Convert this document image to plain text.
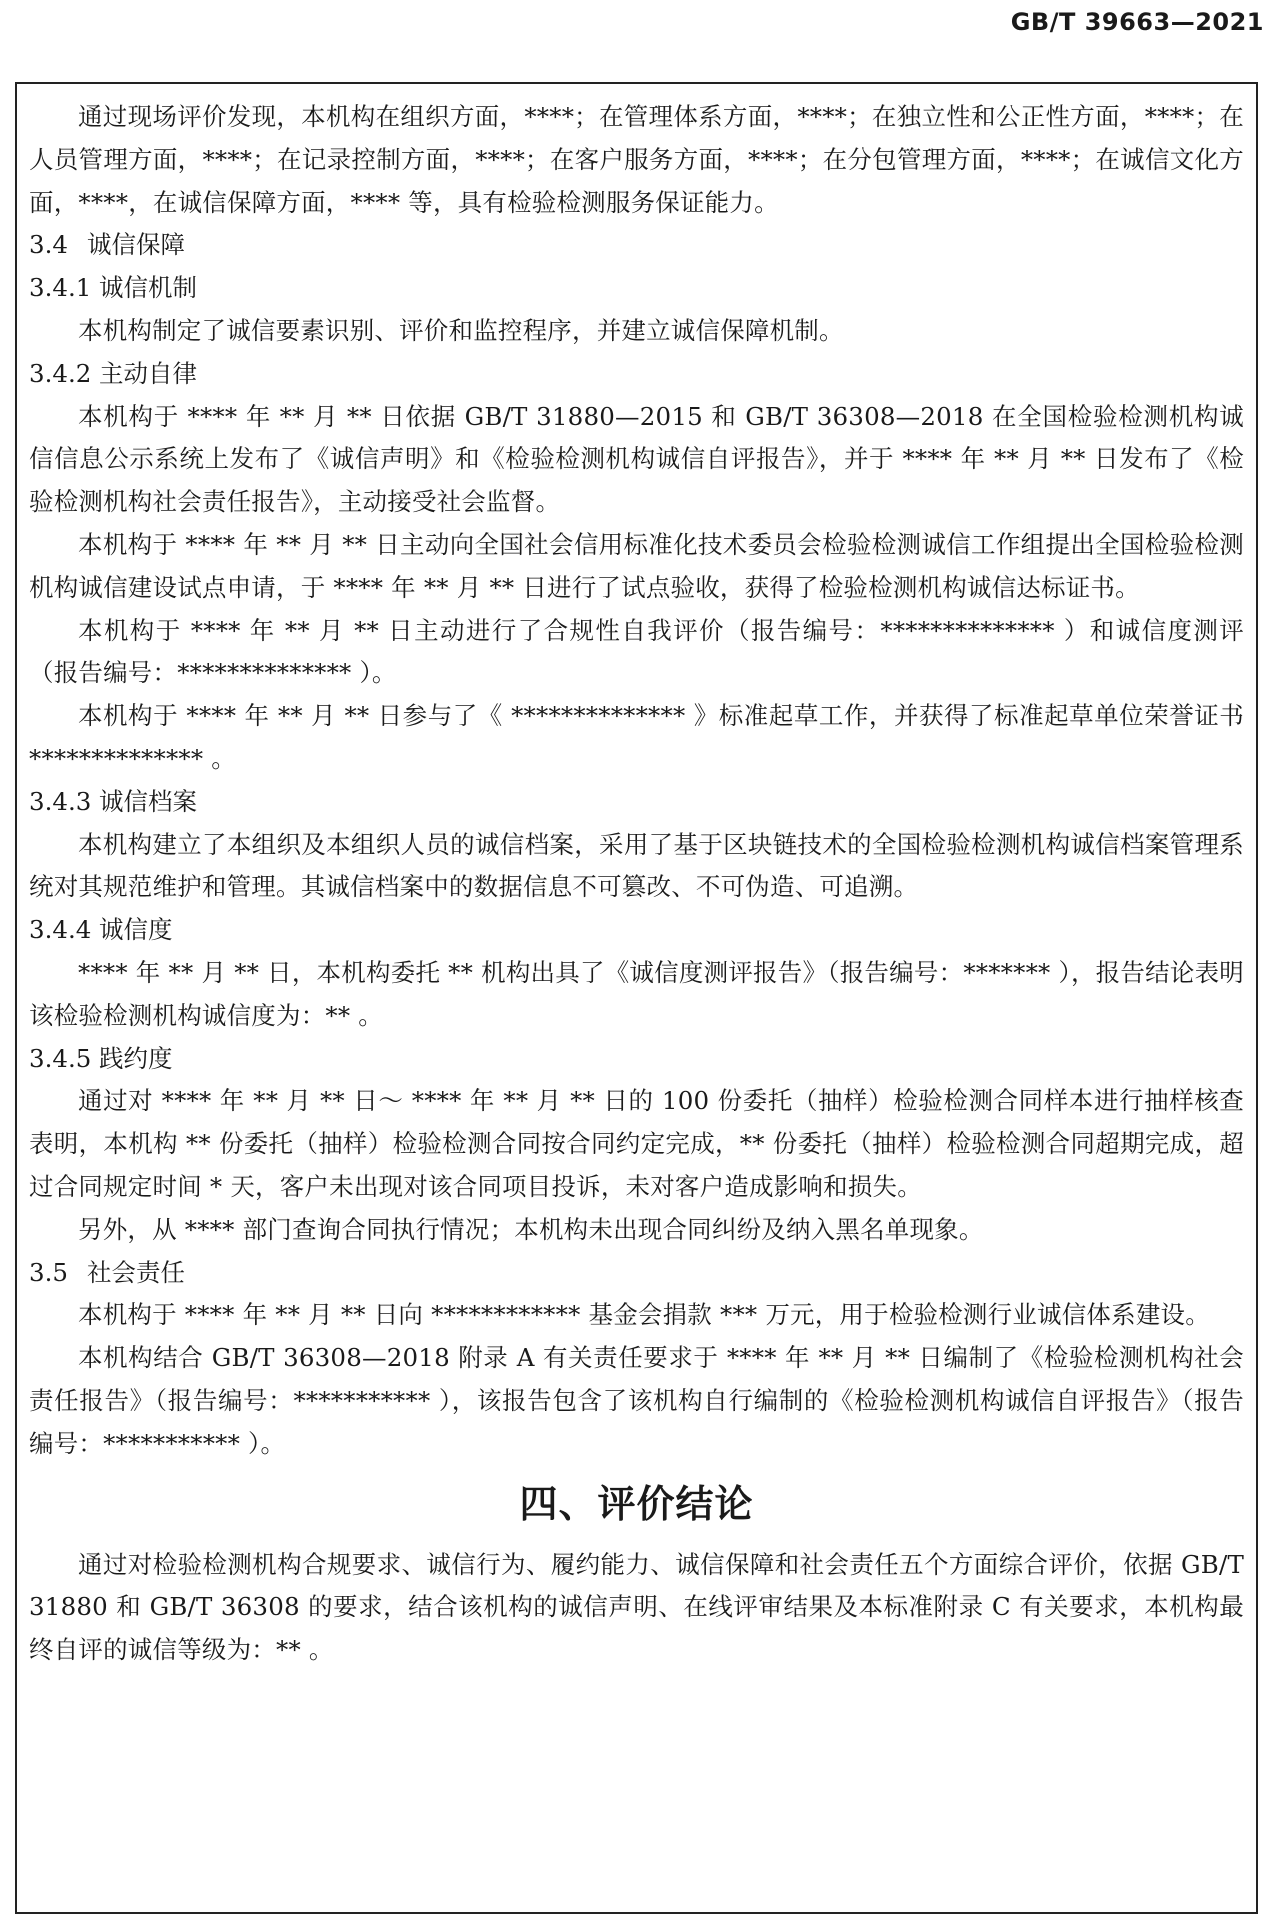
GB/T 39663—2021

通过现场评价发现，本机构在组织方面，****；在管理体系方面，****；在独立性和公正性方面，****；在人员管理方面，****；在记录控制方面，****；在客户服务方面，****；在分包管理方面，****；在诚信文化方面，****，在诚信保障方面，**** 等，具有检验检测服务保证能力。

3.4 诚信保障
3.4.1 诚信机制

本机构制定了诚信要素识别、评价和监控程序，并建立诚信保障机制。

3.4.2 主动自律

本机构于 **** 年 ** 月 ** 日依据 GB/T 31880—2015 和 GB/T 36308—2018 在全国检验检测机构诚信信息公示系统上发布了《诚信声明》和《检验检测机构诚信自评报告》，并于 **** 年 ** 月 ** 日发布了《检验检测机构社会责任报告》，主动接受社会监督。

本机构于 **** 年 ** 月 ** 日主动向全国社会信用标准化技术委员会检验检测诚信工作组提出全国检验检测机构诚信建设试点申请，于 **** 年 ** 月 ** 日进行了试点验收，获得了检验检测机构诚信达标证书。

本机构于 **** 年 ** 月 ** 日主动进行了合规性自我评价（报告编号：************** ）和诚信度测评（报告编号：************** ）。

本机构于 **** 年 ** 月 ** 日参与了《 ************** 》标准起草工作，并获得了标准起草单位荣誉证书 ************** 。

3.4.3 诚信档案

本机构建立了本组织及本组织人员的诚信档案，采用了基于区块链技术的全国检验检测机构诚信档案管理系统对其规范维护和管理。其诚信档案中的数据信息不可篡改、不可伪造、可追溯。

3.4.4 诚信度

**** 年 ** 月 ** 日，本机构委托 ** 机构出具了《诚信度测评报告》（报告编号：******* ），报告结论表明该检验检测机构诚信度为：** 。

3.4.5 践约度

通过对 **** 年 ** 月 ** 日～ **** 年 ** 月 ** 日的 100 份委托（抽样）检验检测合同样本进行抽样核查表明，本机构 ** 份委托（抽样）检验检测合同按合同约定完成，** 份委托（抽样）检验检测合同超期完成，超过合同规定时间 * 天，客户未出现对该合同项目投诉，未对客户造成影响和损失。

另外，从 **** 部门查询合同执行情况；本机构未出现合同纠纷及纳入黑名单现象。

3.5 社会责任

本机构于 **** 年 ** 月 ** 日向 ************ 基金会捐款 *** 万元，用于检验检测行业诚信体系建设。

本机构结合 GB/T 36308—2018 附录 A 有关责任要求于 **** 年 ** 月 ** 日编制了《检验检测机构社会责任报告》（报告编号：*********** ），该报告包含了该机构自行编制的《检验检测机构诚信自评报告》（报告编号：*********** ）。

四、评价结论

通过对检验检测机构合规要求、诚信行为、履约能力、诚信保障和社会责任五个方面综合评价，依据 GB/T 31880 和 GB/T 36308 的要求，结合该机构的诚信声明、在线评审结果及本标准附录 C 有关要求，本机构最终自评的诚信等级为：** 。
